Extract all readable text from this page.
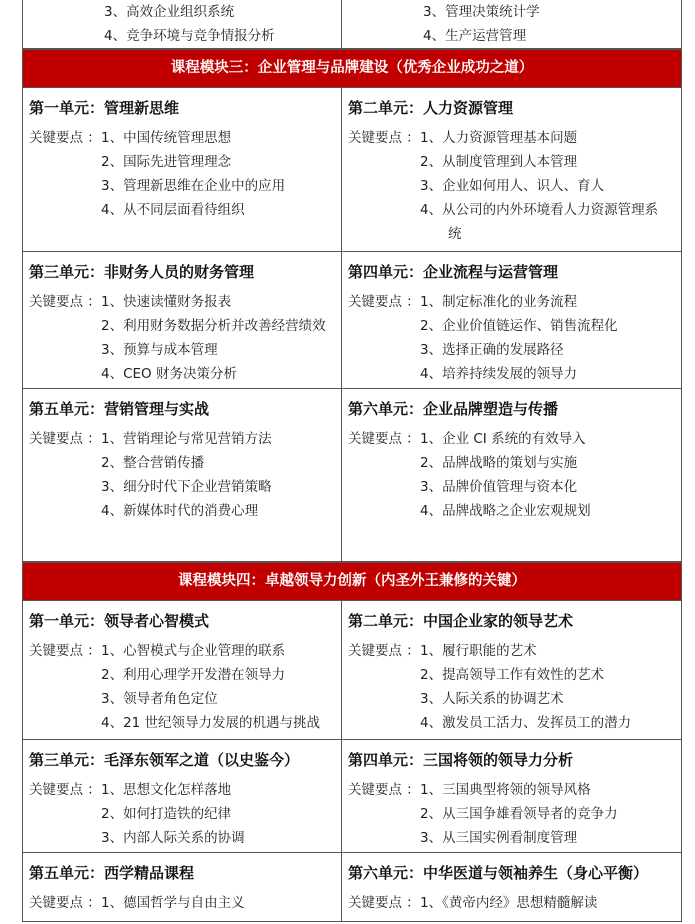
3、高效企业组织系统
4、竞争环境与竞争情报分析
3、管理决策统计学
4、生产运营管理
课程模块三：企业管理与品牌建设（优秀企业成功之道）
第一单元：管理新思维
关键要点 ： 1、中国传统管理思想
2、国际先进管理理念
3、管理新思维在企业中的应用
4、从不同层面看待组织
第二单元：人力资源管理
关键要点 ： 1、人力资源管理基本问题
2、从制度管理到人本管理
3、企业如何用人、识人、育人
4、从公司的内外环境看人力资源管理系
统
第三单元：非财务人员的财务管理
关键要点 ： 1、快速读懂财务报表
2、利用财务数据分析并改善经营绩效
3、预算与成本管理
4、CEO 财务决策分析
第四单元：企业流程与运营管理
关键要点 ： 1、制定标准化的业务流程
2、企业价值链运作、销售流程化
3、选择正确的发展路径
4、培养持续发展的领导力
第五单元：营销管理与实战
关键要点 ： 1、营销理论与常见营销方法
2、整合营销传播
3、细分时代下企业营销策略
4、新媒体时代的消费心理
第六单元：企业品牌塑造与传播
关键要点 ： 1、企业 CI 系统的有效导入
2、品牌战略的策划与实施
3、品牌价值管理与资本化
4、品牌战略之企业宏观规划
课程模块四：卓越领导力创新（内圣外王兼修的关键）
第一单元：领导者心智模式
关键要点 ： 1、心智模式与企业管理的联系
2、利用心理学开发潜在领导力
3、领导者角色定位
4、21 世纪领导力发展的机遇与挑战
第二单元：中国企业家的领导艺术
关键要点 ： 1、履行职能的艺术
2、提高领导工作有效性的艺术
3、人际关系的协调艺术
4、激发员工活力、发挥员工的潜力
第三单元：毛泽东领军之道（以史鉴今）
关键要点 ： 1、思想文化怎样落地
2、如何打造铁的纪律
3、内部人际关系的协调
第四单元：三国将领的领导力分析
关键要点 ： 1、三国典型将领的领导风格
2、从三国争雄看领导者的竞争力
3、从三国实例看制度管理
第五单元：西学精品课程
关键要点 ： 1、德国哲学与自由主义
第六单元：中华医道与领袖养生（身心平衡）
关键要点 ： 1、《黄帝内经》思想精髓解读
